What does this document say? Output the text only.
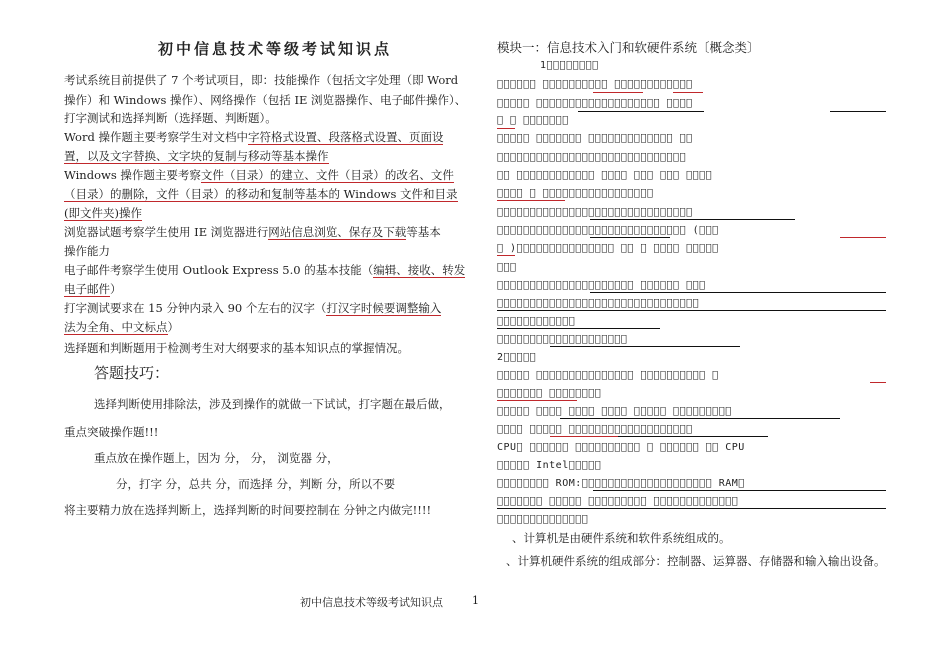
初中信息技术等级考试知识点
考试系统目前提供了 7 个考试项目，即：技能操作（包括文字处理（即 Word
操作）和 Windows 操作）、网络操作（包括 IE 浏览器操作、电子邮件操作）、
打字测试和选择判断（选择题、判断题）。
Word 操作题主要考察学生对文档中字符格式设置、段落格式设置、页面设
置，以及文字替换、文字块的复制与移动等基本操作
Windows 操作题主要考察文件（目录）的建立、文件（目录）的改名、文件
（目录）的删除，文件（目录）的移动和复制等基本的 Windows 文件和目录
(即文件夹)操作
浏览器试题考察学生使用 IE 浏览器进行网站信息浏览、保存及下载等基本
操作能力
电子邮件考察学生使用 Outlook Express 5.0 的基本技能（编辑、接收、转发
电子邮件）
打字测试要求在 15 分钟内录入 90 个左右的汉字（打汉字时候要调整输入
法为全角、中文标点）
选择题和判断题用于检测考生对大纲要求的基本知识点的掌握情况。
答题技巧：
选择判断使用排除法，涉及到操作的就做一下试试，打字题在最后做，
重点突破操作题!!!
重点放在操作题上，因为 分， 分， 浏览器 分，
分，打字 分，总共 分，而选择 分，判断 分，所以不要
将主要精力放在选择判断上，选择判断的时间要控制在 分钟之内做完!!!!
模块一：信息技术入门和软硬件系统〔概念类〕
1        
                              
                              
           
                              
                             
                                 
                        
                              
                              (   
  )                               
   
                                
                               
            
                    
2     
                                  
                
                                    
                              
CPU                                CPU
      Intel     
         ROM:                     RAM 
                                     
              
、计算机是由硬件系统和软件系统组成的。
、计算机硬件系统的组成部分：控制器、运算器、存储器和输入输出设备。
初中信息技术等级考试知识点	1
